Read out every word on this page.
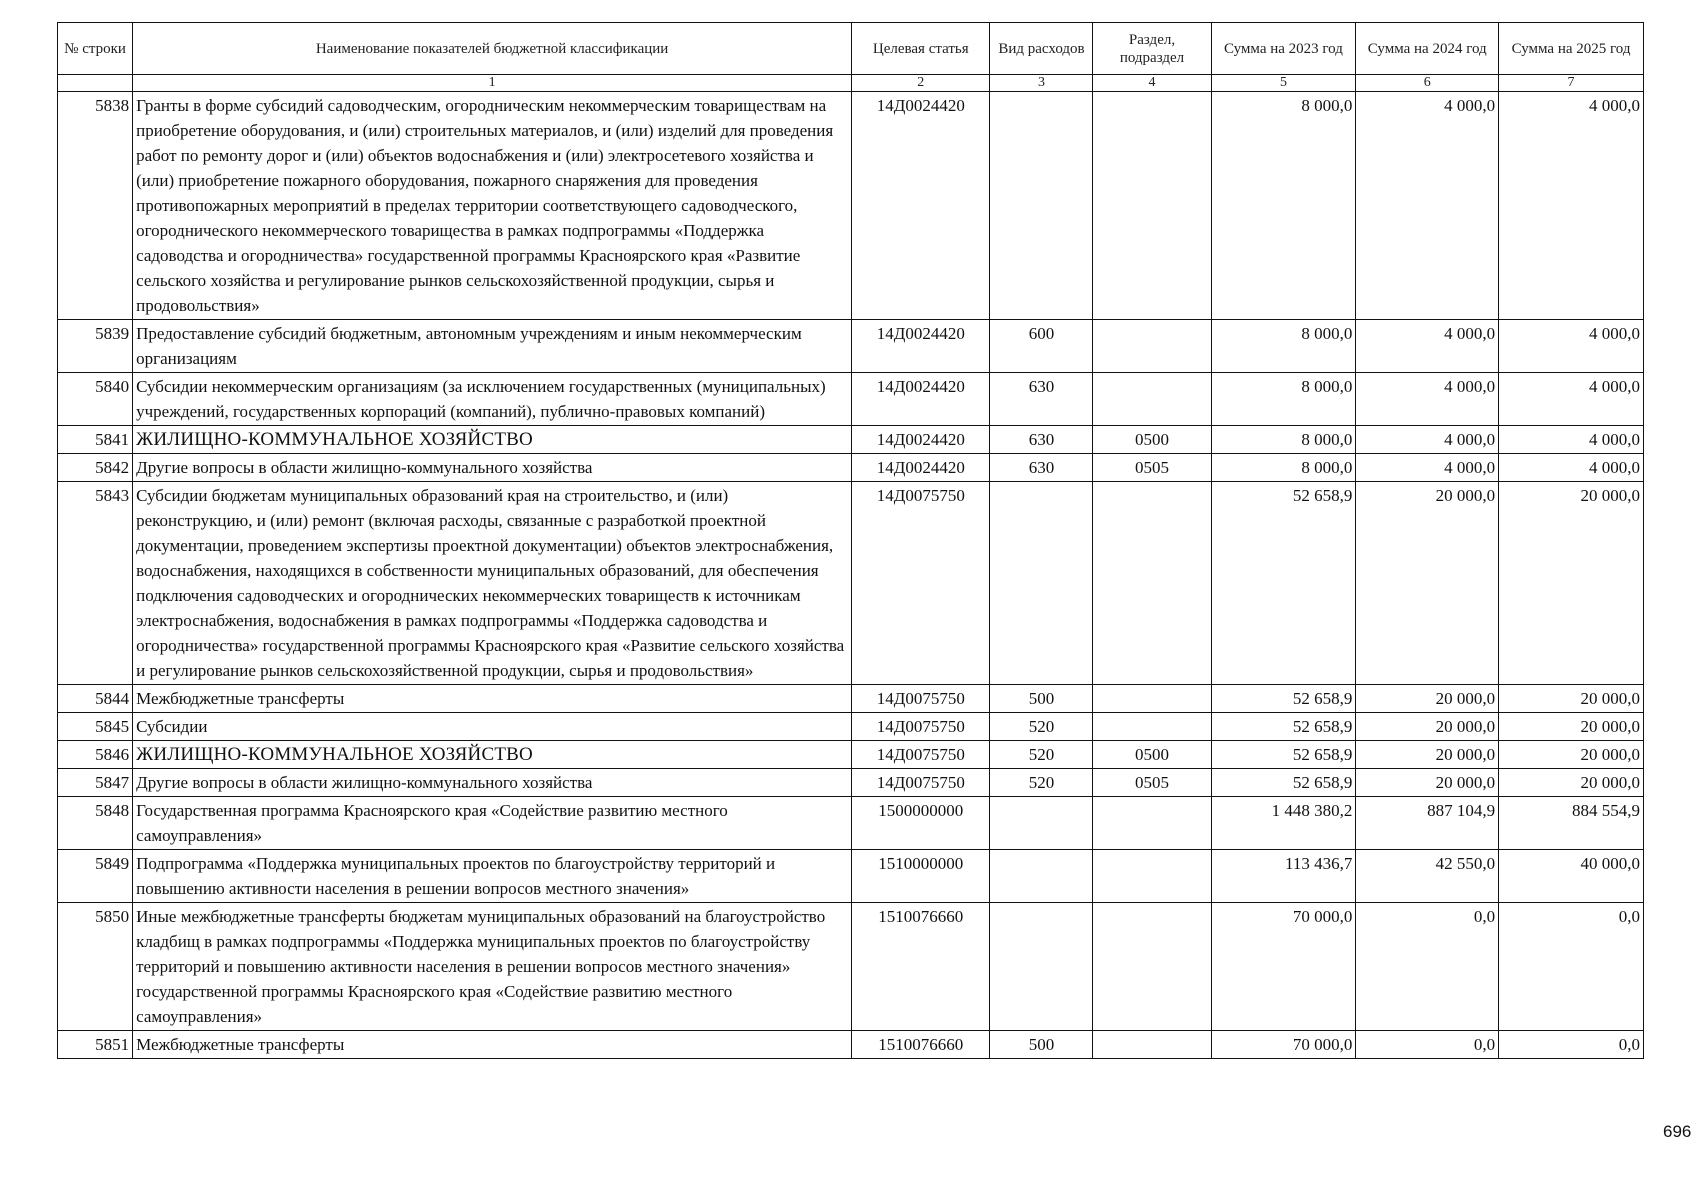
№ строки	Наименование показателей бюджетной классификации	Целевая статья	Вид расходов	Раздел, подраздел	Сумма на 2023 год	Сумма на 2024 год	Сумма на 2025 год
	1	2	3	4	5	6	7
5838	Гранты в форме субсидий садоводческим, огородническим некоммерческим товариществам на приобретение оборудования, и (или) строительных материалов, и (или) изделий для проведения работ по ремонту дорог и (или) объектов водоснабжения и (или) электросетевого хозяйства и (или) приобретение пожарного оборудования, пожарного снаряжения для проведения противопожарных мероприятий в пределах территории соответствующего садоводческого, огороднического некоммерческого товарищества в рамках подпрограммы «Поддержка садоводства и огородничества» государственной программы Красноярского края «Развитие сельского хозяйства и регулирование рынков сельскохозяйственной продукции, сырья и продовольствия»	14Д0024420			8 000,0	4 000,0	4 000,0
5839	Предоставление субсидий бюджетным, автономным учреждениям и иным некоммерческим организациям	14Д0024420	600		8 000,0	4 000,0	4 000,0
5840	Субсидии некоммерческим организациям (за исключением государственных (муниципальных) учреждений, государственных корпораций (компаний), публично-правовых компаний)	14Д0024420	630		8 000,0	4 000,0	4 000,0
5841	ЖИЛИЩНО-КОММУНАЛЬНОЕ ХОЗЯЙСТВО	14Д0024420	630	0500	8 000,0	4 000,0	4 000,0
5842	Другие вопросы в области жилищно-коммунального хозяйства	14Д0024420	630	0505	8 000,0	4 000,0	4 000,0
5843	Субсидии бюджетам муниципальных образований края на строительство, и (или) реконструкцию, и (или) ремонт (включая расходы, связанные с разработкой проектной документации, проведением экспертизы проектной документации) объектов электроснабжения, водоснабжения, находящихся в собственности муниципальных образований, для обеспечения подключения садоводческих и огороднических некоммерческих товариществ к источникам электроснабжения, водоснабжения в рамках подпрограммы «Поддержка садоводства и огородничества» государственной программы Красноярского края «Развитие сельского хозяйства и регулирование рынков сельскохозяйственной продукции, сырья и продовольствия»	14Д0075750			52 658,9	20 000,0	20 000,0
5844	Межбюджетные трансферты	14Д0075750	500		52 658,9	20 000,0	20 000,0
5845	Субсидии	14Д0075750	520		52 658,9	20 000,0	20 000,0
5846	ЖИЛИЩНО-КОММУНАЛЬНОЕ ХОЗЯЙСТВО	14Д0075750	520	0500	52 658,9	20 000,0	20 000,0
5847	Другие вопросы в области жилищно-коммунального хозяйства	14Д0075750	520	0505	52 658,9	20 000,0	20 000,0
5848	Государственная программа Красноярского края «Содействие развитию местного самоуправления»	1500000000			1 448 380,2	887 104,9	884 554,9
5849	Подпрограмма «Поддержка муниципальных проектов по благоустройству территорий и повышению активности населения в решении вопросов местного значения»	1510000000			113 436,7	42 550,0	40 000,0
5850	Иные межбюджетные трансферты бюджетам муниципальных образований на благоустройство кладбищ в рамках подпрограммы «Поддержка муниципальных проектов по благоустройству территорий и повышению активности населения в решении вопросов местного значения» государственной программы Красноярского края «Содействие развитию местного самоуправления»	1510076660			70 000,0	0,0	0,0
5851	Межбюджетные трансферты	1510076660	500		70 000,0	0,0	0,0
696
